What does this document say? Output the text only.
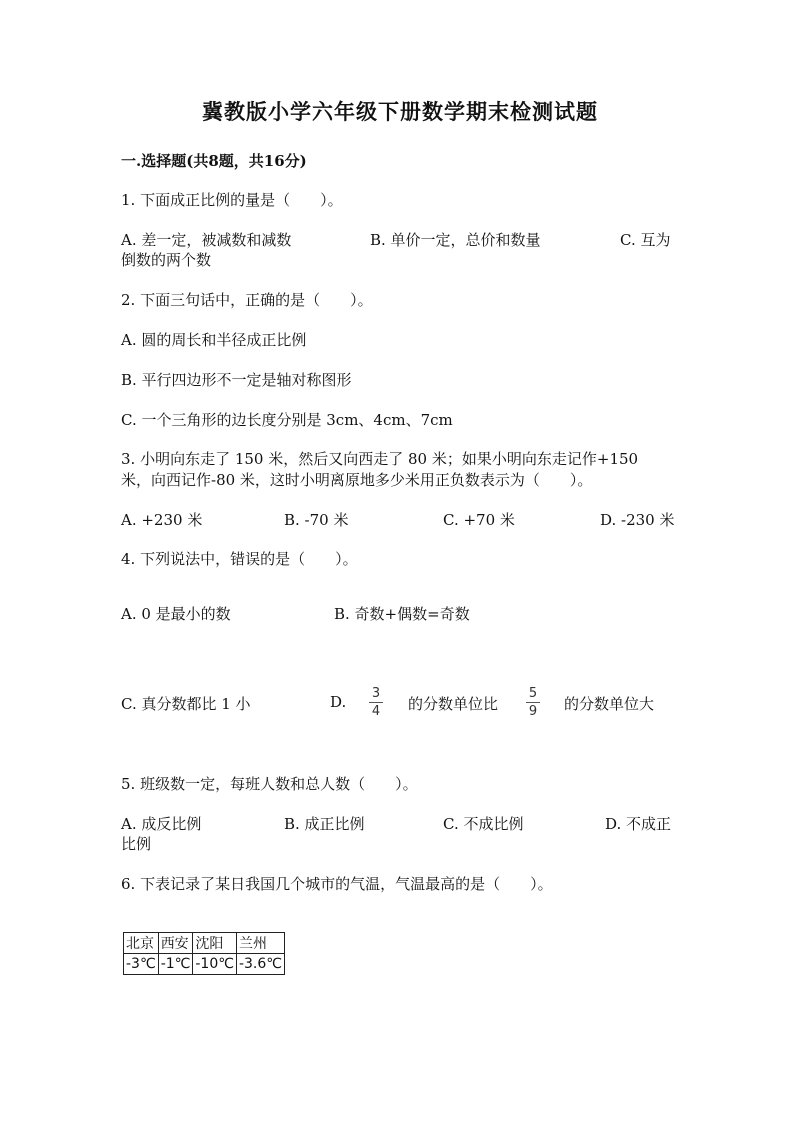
冀教版小学六年级下册数学期末检测试题
一.选择题(共8题，共16分)
1. 下面成正比例的量是（　　）。
A. 差一定，被减数和减数	B. 单价一定，总价和数量	C. 互为
倒数的两个数
2. 下面三句话中，正确的是（　　）。
A. 圆的周长和半径成正比例
B. 平行四边形不一定是轴对称图形
C. 一个三角形的边长度分别是 3cm、4cm、7cm
3. 小明向东走了 150 米，然后又向西走了 80 米；如果小明向东走记作+150
米，向西记作-80 米，这时小明离原地多少米用正负数表示为（　　）。
A. +230 米	B. -70 米	C. +70 米	D. -230 米
4. 下列说法中，错误的是（　　）。
A. 0 是最小的数	B. 奇数+偶数=奇数
C. 真分数都比 1 小	D. 3
4 的分数单位比
5
9 的分数单位大
5. 班级数一定，每班人数和总人数（　　）。
A. 成反比例	B. 成正比例	C. 不成比例	D. 不成正
比例
6. 下表记录了某日我国几个城市的气温，气温最高的是（　　）。
北京	西安	沈阳	兰州
-3℃	-1℃	-10℃	-3.6℃
